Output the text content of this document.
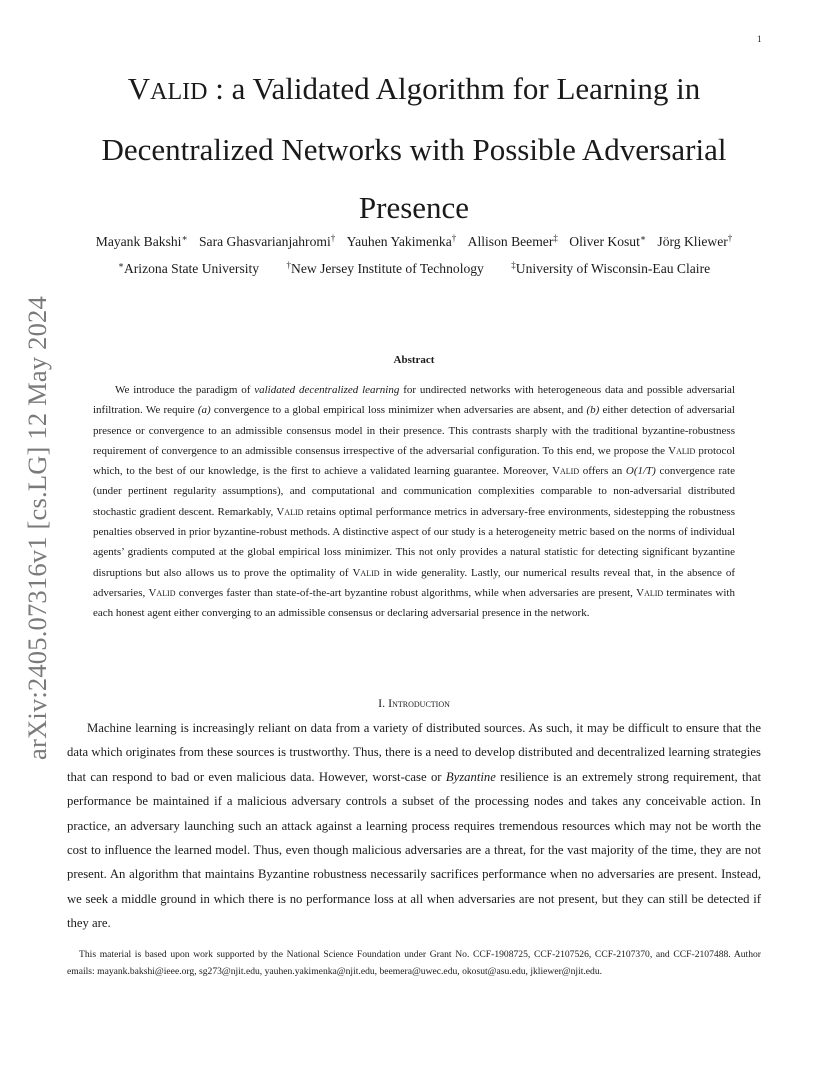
1
arXiv:2405.07316v1 [cs.LG] 12 May 2024
VALID : a Validated Algorithm for Learning in Decentralized Networks with Possible Adversarial Presence
Mayank Bakshi∗ Sara Ghasvarianjahromi† Yauhen Yakimenka† Allison Beemer‡ Oliver Kosut∗ Jörg Kliewer†
∗Arizona State University	†New Jersey Institute of Technology	‡University of Wisconsin-Eau Claire
Abstract

We introduce the paradigm of validated decentralized learning for undirected networks with heterogeneous data and possible adversarial infiltration. We require (a) convergence to a global empirical loss minimizer when adversaries are absent, and (b) either detection of adversarial presence or convergence to an admissible consensus model in their presence. This contrasts sharply with the traditional byzantine-robustness requirement of convergence to an admissible consensus irrespective of the adversarial configuration. To this end, we propose the Valid protocol which, to the best of our knowledge, is the first to achieve a validated learning guarantee. Moreover, Valid offers an O(1/T) convergence rate (under pertinent regularity assumptions), and computational and communication complexities comparable to non-adversarial distributed stochastic gradient descent. Remarkably, Valid retains optimal performance metrics in adversary-free environments, sidestepping the robustness penalties observed in prior byzantine-robust methods. A distinctive aspect of our study is a heterogeneity metric based on the norms of individual agents’ gradients computed at the global empirical loss minimizer. This not only provides a natural statistic for detecting significant byzantine disruptions but also allows us to prove the optimality of Valid in wide generality. Lastly, our numerical results reveal that, in the absence of adversaries, Valid converges faster than state-of-the-art byzantine robust algorithms, while when adversaries are present, Valid terminates with each honest agent either converging to an admissible consensus or declaring adversarial presence in the network.

I. Introduction

Machine learning is increasingly reliant on data from a variety of distributed sources. As such, it may be difficult to ensure that the data which originates from these sources is trustworthy. Thus, there is a need to develop distributed and decentralized learning strategies that can respond to bad or even malicious data. However, worst-case or Byzantine resilience is an extremely strong requirement, that performance be maintained if a malicious adversary controls a subset of the processing nodes and takes any conceivable action. In practice, an adversary launching such an attack against a learning process requires tremendous resources which may not be worth the cost to influence the learned model. Thus, even though malicious adversaries are a threat, for the vast majority of the time, they are not present. An algorithm that maintains Byzantine robustness necessarily sacrifices performance when no adversaries are present. Instead, we seek a middle ground in which there is no performance loss at all when adversaries are not present, but they can still be detected if they are.

This material is based upon work supported by the National Science Foundation under Grant No. CCF-1908725, CCF-2107526, CCF-2107370, and CCF-2107488. Author emails: mayank.bakshi@ieee.org, sg273@njit.edu, yauhen.yakimenka@njit.edu, beemera@uwec.edu, okosut@asu.edu, jkliewer@njit.edu.
